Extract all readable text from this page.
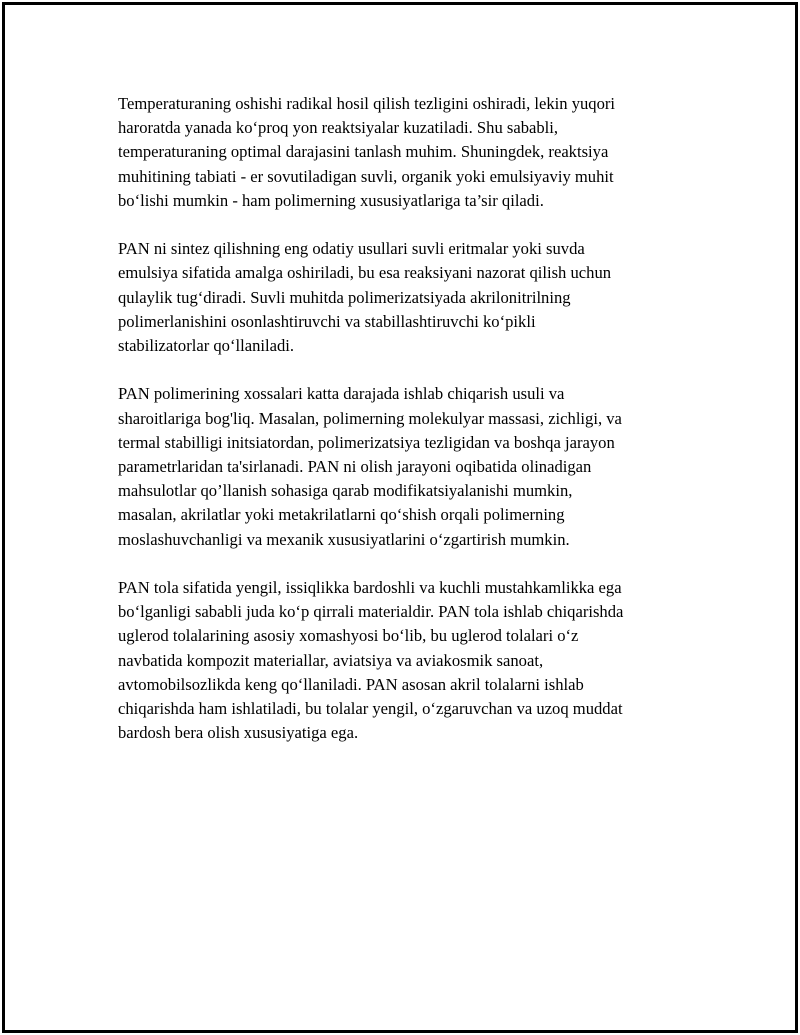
Temperaturaning oshishi radikal hosil qilish tezligini oshiradi, lekin yuqori
haroratda yanada ko‘proq yon reaktsiyalar kuzatiladi. Shu sababli,
temperaturaning optimal darajasini tanlash muhim. Shuningdek, reaktsiya
muhitining tabiati - er sovutiladigan suvli, organik yoki emulsiyaviy muhit
bo‘lishi mumkin - ham polimerning xususiyatlariga ta’sir qiladi.

PAN ni sintez qilishning eng odatiy usullari suvli eritmalar yoki suvda
emulsiya sifatida amalga oshiriladi, bu esa reaksiyani nazorat qilish uchun
qulaylik tug‘diradi. Suvli muhitda polimerizatsiyada akrilonitrilning
polimerlanishini osonlashtiruvchi va stabillashtiruvchi ko‘pikli
stabilizatorlar qo‘llaniladi.

PAN polimerining xossalari katta darajada ishlab chiqarish usuli va
sharoitlariga bog'liq. Masalan, polimerning molekulyar massasi, zichligi, va
termal stabilligi initsiatordan, polimerizatsiya tezligidan va boshqa jarayon
parametrlaridan ta'sirlanadi. PAN ni olish jarayoni oqibatida olinadigan
mahsulotlar qo’llanish sohasiga qarab modifikatsiyalanishi mumkin,
masalan, akrilatlar yoki metakrilatlarni qo‘shish orqali polimerning
moslashuvchanligi va mexanik xususiyatlarini o‘zgartirish mumkin.

PAN tola sifatida yengil, issiqlikka bardoshli va kuchli mustahkamlikka ega
bo‘lganligi sababli juda ko‘p qirrali materialdir. PAN tola ishlab chiqarishda
uglerod tolalarining asosiy xomashyosi bo‘lib, bu uglerod tolalari o‘z
navbatida kompozit materiallar, aviatsiya va aviakosmik sanoat,
avtomobilsozlikda keng qo‘llaniladi. PAN asosan akril tolalarni ishlab
chiqarishda ham ishlatiladi, bu tolalar yengil, o‘zgaruvchan va uzoq muddat
bardosh bera olish xususiyatiga ega.
